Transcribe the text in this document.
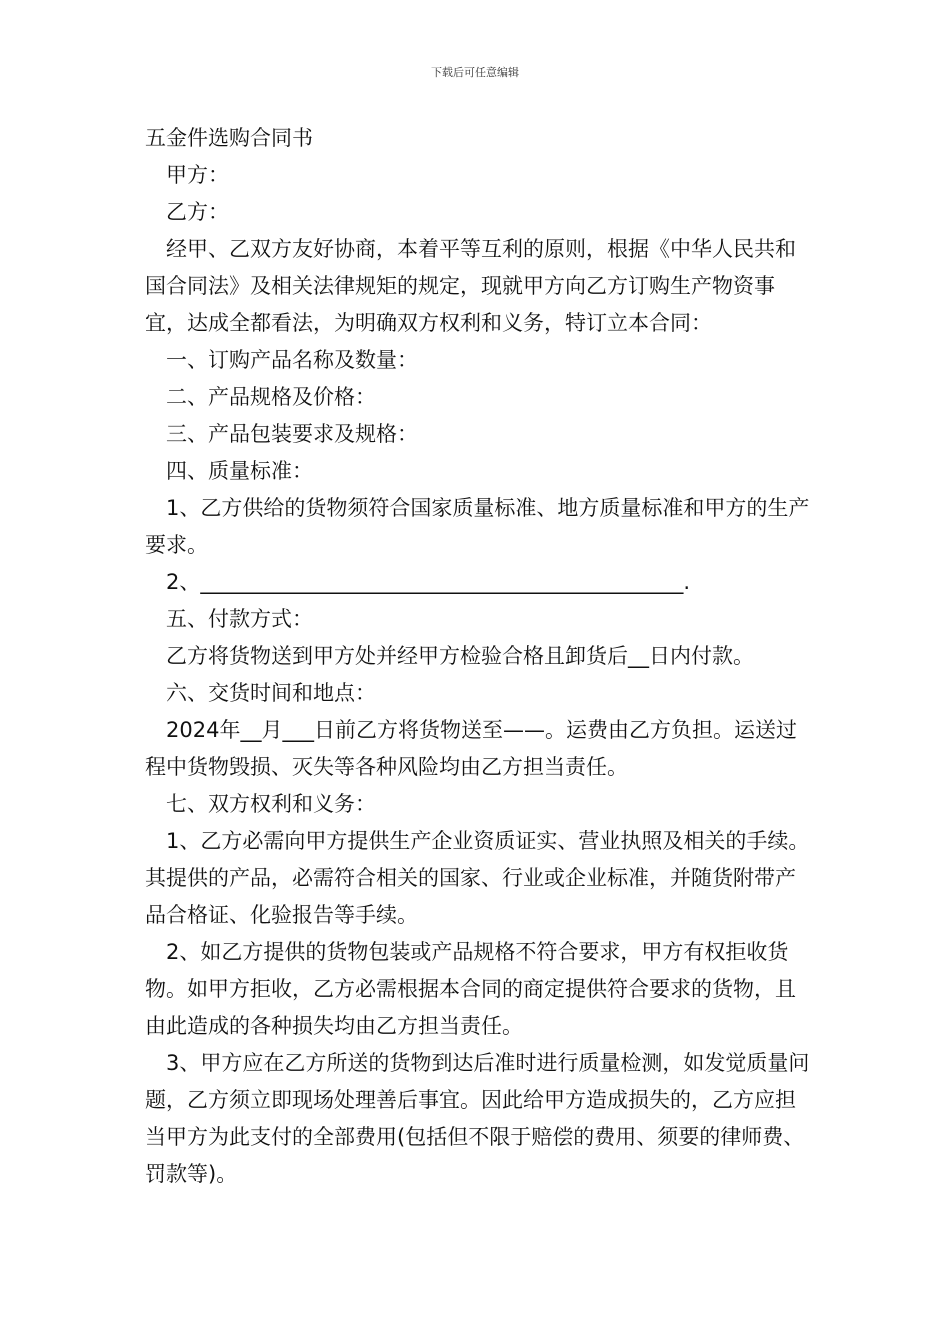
下载后可任意编辑

五金件选购合同书

甲方：

乙方：

经甲、乙双方友好协商，本着平等互利的原则，根据《中华人民共和国合同法》及相关法律规矩的规定，现就甲方向乙方订购生产物资事宜，达成全都看法，为明确双方权利和义务，特订立本合同：

一、订购产品名称及数量：

二、产品规格及价格：

三、产品包装要求及规格：

四、质量标准：

1、乙方供给的货物须符合国家质量标准、地方质量标准和甲方的生产要求。

2、______________________________________________.

五、付款方式：

乙方将货物送到甲方处并经甲方检验合格且卸货后__日内付款。

六、交货时间和地点：

2024年__月___日前乙方将货物送至——。运费由乙方负担。运送过程中货物毁损、灭失等各种风险均由乙方担当责任。

七、双方权利和义务：

1、乙方必需向甲方提供生产企业资质证实、营业执照及相关的手续。其提供的产品，必需符合相关的国家、行业或企业标准，并随货附带产品合格证、化验报告等手续。

2、如乙方提供的货物包装或产品规格不符合要求，甲方有权拒收货物。如甲方拒收，乙方必需根据本合同的商定提供符合要求的货物，且由此造成的各种损失均由乙方担当责任。

3、甲方应在乙方所送的货物到达后准时进行质量检测，如发觉质量问题，乙方须立即现场处理善后事宜。因此给甲方造成损失的，乙方应担当甲方为此支付的全部费用(包括但不限于赔偿的费用、须要的律师费、罚款等)。
